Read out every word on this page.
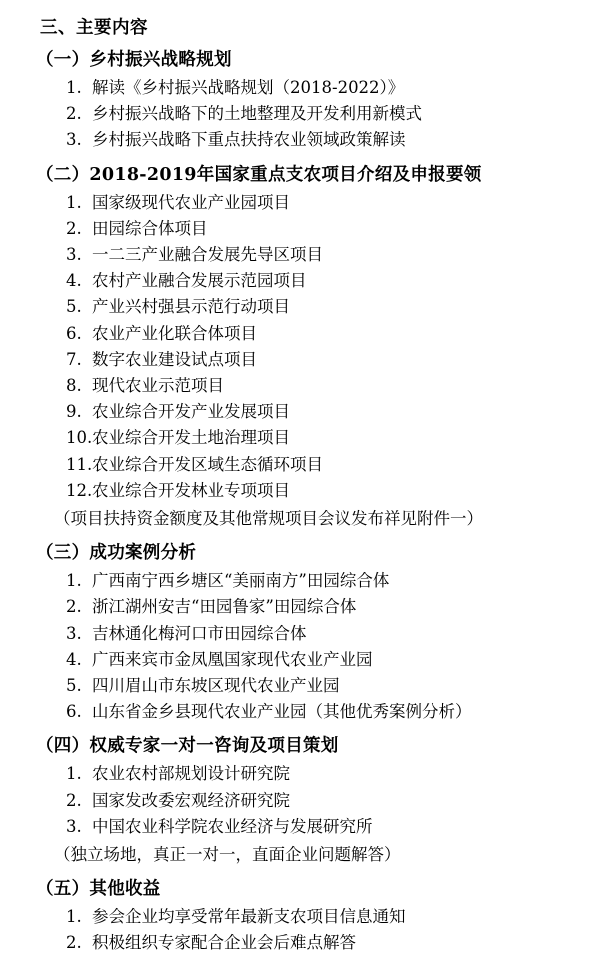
三、主要内容
（一）乡村振兴战略规划
1. 解读《乡村振兴战略规划（2018-2022）》
2. 乡村振兴战略下的土地整理及开发利用新模式
3. 乡村振兴战略下重点扶持农业领域政策解读
（二）2018-2019年国家重点支农项目介绍及申报要领
1. 国家级现代农业产业园项目
2. 田园综合体项目
3. 一二三产业融合发展先导区项目
4. 农村产业融合发展示范园项目
5. 产业兴村强县示范行动项目
6. 农业产业化联合体项目
7. 数字农业建设试点项目
8. 现代农业示范项目
9. 农业综合开发产业发展项目
10. 农业综合开发土地治理项目
11. 农业综合开发区域生态循环项目
12. 农业综合开发林业专项项目
（项目扶持资金额度及其他常规项目会议发布祥见附件一）
（三）成功案例分析
1. 广西南宁西乡塘区“美丽南方”田园综合体
2. 浙江湖州安吉“田园鲁家”田园综合体
3. 吉林通化梅河口市田园综合体
4. 广西来宾市金凤凰国家现代农业产业园
5. 四川眉山市东坡区现代农业产业园
6. 山东省金乡县现代农业产业园（其他优秀案例分析）
（四）权威专家一对一咨询及项目策划
1. 农业农村部规划设计研究院
2. 国家发改委宏观经济研究院
3. 中国农业科学院农业经济与发展研究所
（独立场地，真正一对一，直面企业问题解答）
（五）其他收益
1. 参会企业均享受常年最新支农项目信息通知
2. 积极组织专家配合企业会后难点解答
